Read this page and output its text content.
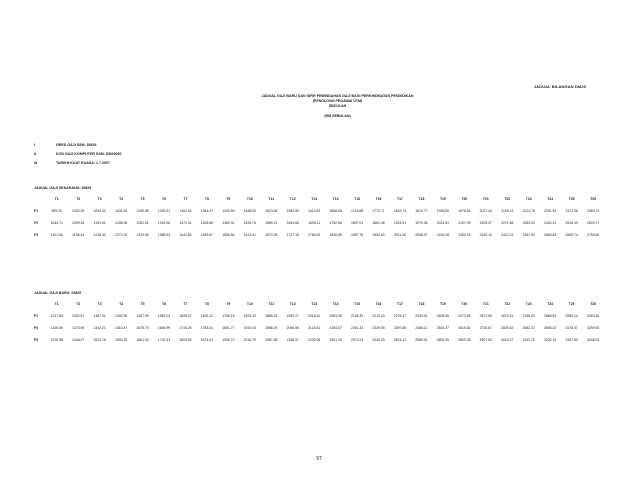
JADUAL BILANGAN DM29
JADUAL GAJI BARU DAN SIFIR PEMINDAHAN GAJI BAGI PERKHIDMATAN PENDIDIKAN
(PENOLONG PEGAWAI UTM)
SEKOLAH
(RM SEBULAN)
I.	GRED GAJI SSM: DM29
II.	KOD GAJI KOMPUTER SSM: DM29060
III.	TARIKH KUAT KUASA: 1.7.2007
JADUAL GAJI SEKARANG: DM29
	T1	T2	T3	T4	T5	T6	T7	T8	T9	T10	T11	T12	T13	T14	T15	T16	T17	T18	T19	T20	T21	T22	T23	T24	T25	T26
P1	995.20	1032.29	1093.32	1146.35	1199.38	1253.41	1302.44	1354.47	1409.50	1458.53	1513.56	1563.59	1614.62	1668.65	1718.68	1770.71	1822.74	1874.77	1928.80	1978.83	2027.43	2109.13	2214.78	2291.53	2372.06	2450.73
P2	1044.71	1099.16	1153.61	1208.06	1262.51	1316.96	1371.41	1425.86	1480.31	1534.76	1589.21	1643.66	1698.11	1752.56	1807.01	1861.46	1915.91	1970.36	2024.81	2157.09	2209.37	2271.65	2363.93	2424.21	2516.49	2600.77
P3	1101.56	1158.43	1215.32	1272.19	1329.06	1385.93	1442.80	1499.67	1556.54	1613.41	1670.28	1727.15	1784.02	1840.89	1897.76	1954.63	2011.50	2068.37	2194.28	2260.19	2326.10	2412.01	2497.92	2583.83	2669.74	2755.65
JADUAL GAJI BARU: DM29
	T1	T2	T3	T4	T5	T6	T7	T8	T9	T10	T11	T12	T13	T14	T15	T16	T17	T18	T19	T20	T21	T22	T23	T24	T25	T26
P1	1217.83	1302.67	1367.91	1432.95	1497.99	1563.03	1628.07	1693.11	1758.15	1823.19	1888.23	1953.27	2018.31	2083.35	2148.39	2213.43	2278.47	2343.51	2408.55	2473.59	2571.90	2670.21	2768.52	2866.83	2965.14	3063.45
P2	1305.69	1373.95	1442.21	1510.47	1578.73	1646.99	1715.25	1783.51	1851.77	1920.03	1988.29	2056.55	2124.81	2193.07	2261.33	2329.59	2397.85	2466.11	2534.37	2615.82	2726.67	2839.52	2952.37	3065.22	3178.07	3290.92
P3	1376.98	1448.07	1519.16	1590.25	1661.34	1732.43	1803.52	1874.61	1945.70	2016.79	2087.88	2158.97	2230.06	2301.15	2372.24	2443.33	2514.42	2585.51	2692.95	2800.39	2907.83	3015.27	3122.71	3230.15	3337.59	3445.03
97
